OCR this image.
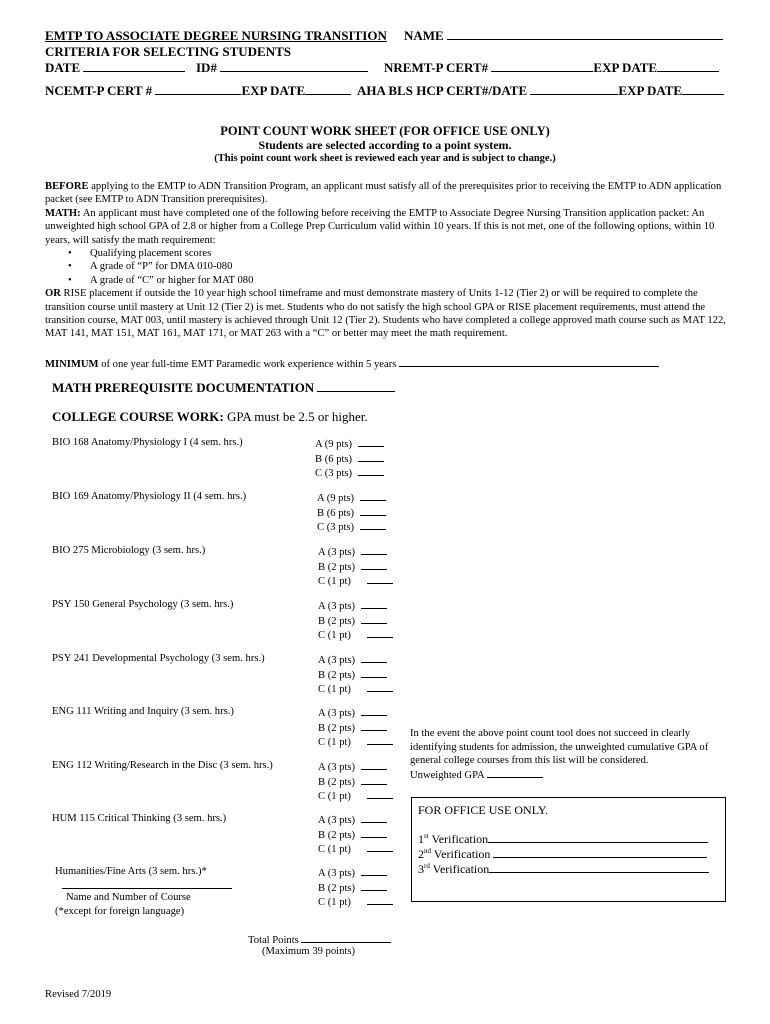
EMTP TO ASSOCIATE DEGREE NURSING TRANSITION NAME
CRITERIA FOR SELECTING STUDENTS
DATE	ID#	NREMT-P CERT#	EXP DATE
NCEMT-P CERT #	EXP DATE	AHA BLS HCP CERT#/DATE	EXP DATE
POINT COUNT WORK SHEET (FOR OFFICE USE ONLY)
Students are selected according to a point system.
(This point count work sheet is reviewed each year and is subject to change.)

BEFORE applying to the EMTP to ADN Transition Program, an applicant must satisfy all of the prerequisites prior to receiving the EMTP to ADN application packet (see EMTP to ADN Transition prerequisites).

MATH: An applicant must have completed one of the following before receiving the EMTP to Associate Degree Nursing Transition application packet: An unweighted high school GPA of 2.8 or higher from a College Prep Curriculum valid within 10 years. If this is not met, one of the following options, within 10 years, will satisfy the math requirement:

• Qualifying placement scores
• A grade of “P” for DMA 010-080
• A grade of “C” or higher for MAT 080

OR RISE placement if outside the 10 year high school timeframe and must demonstrate mastery of Units 1-12 (Tier 2) or will be required to complete the transition course until mastery at Unit 12 (Tier 2) is met. Students who do not satisfy the high school GPA or RISE placement requirements, must attend the transition course, MAT 003, until mastery is achieved through Unit 12 (Tier 2). Students who have completed a college approved math course such as MAT 122, MAT 141, MAT 151, MAT 161, MAT 171, or MAT 263 with a “C” or better may meet the math requirement.

MINIMUM of one year full-time EMT Paramedic work experience within 5 years
MATH PREREQUISITE DOCUMENTATION
COLLEGE COURSE WORK: GPA must be 2.5 or higher.
BIO 168 Anatomy/Physiology I (4 sem. hrs.)	A (9 pts)
B (6 pts)
C (3 pts)
BIO 169 Anatomy/Physiology II (4 sem. hrs.)	A (9 pts)
B (6 pts)
C (3 pts)
BIO 275 Microbiology (3 sem. hrs.)	A (3 pts)
B (2 pts)
C (1 pt)
PSY 150 General Psychology (3 sem. hrs.)	A (3 pts)
B (2 pts)
C (1 pt)
PSY 241 Developmental Psychology (3 sem. hrs.)	A (3 pts)
B (2 pts)
C (1 pt)
ENG 111 Writing and Inquiry (3 sem. hrs.)	A (3 pts)
B (2 pts)
C (1 pt)
ENG 112 Writing/Research in the Disc (3 sem. hrs.)	A (3 pts)
B (2 pts)
C (1 pt)
HUM 115 Critical Thinking (3 sem. hrs.)	A (3 pts)
B (2 pts)
C (1 pt)
Humanities/Fine Arts (3 sem. hrs.)*
Name and Number of Course
(*except for foreign language)
A (3 pts)
B (2 pts)
C (1 pt)
In the event the above point count tool does not succeed in clearly
identifying students for admission, the unweighted cumulative GPA of
general college courses from this list will be considered.
Unweighted GPA
FOR OFFICE USE ONLY.
1st Verification
2nd Verification
3rd Verification
Total Points
(Maximum 39 points)
Revised 7/2019
